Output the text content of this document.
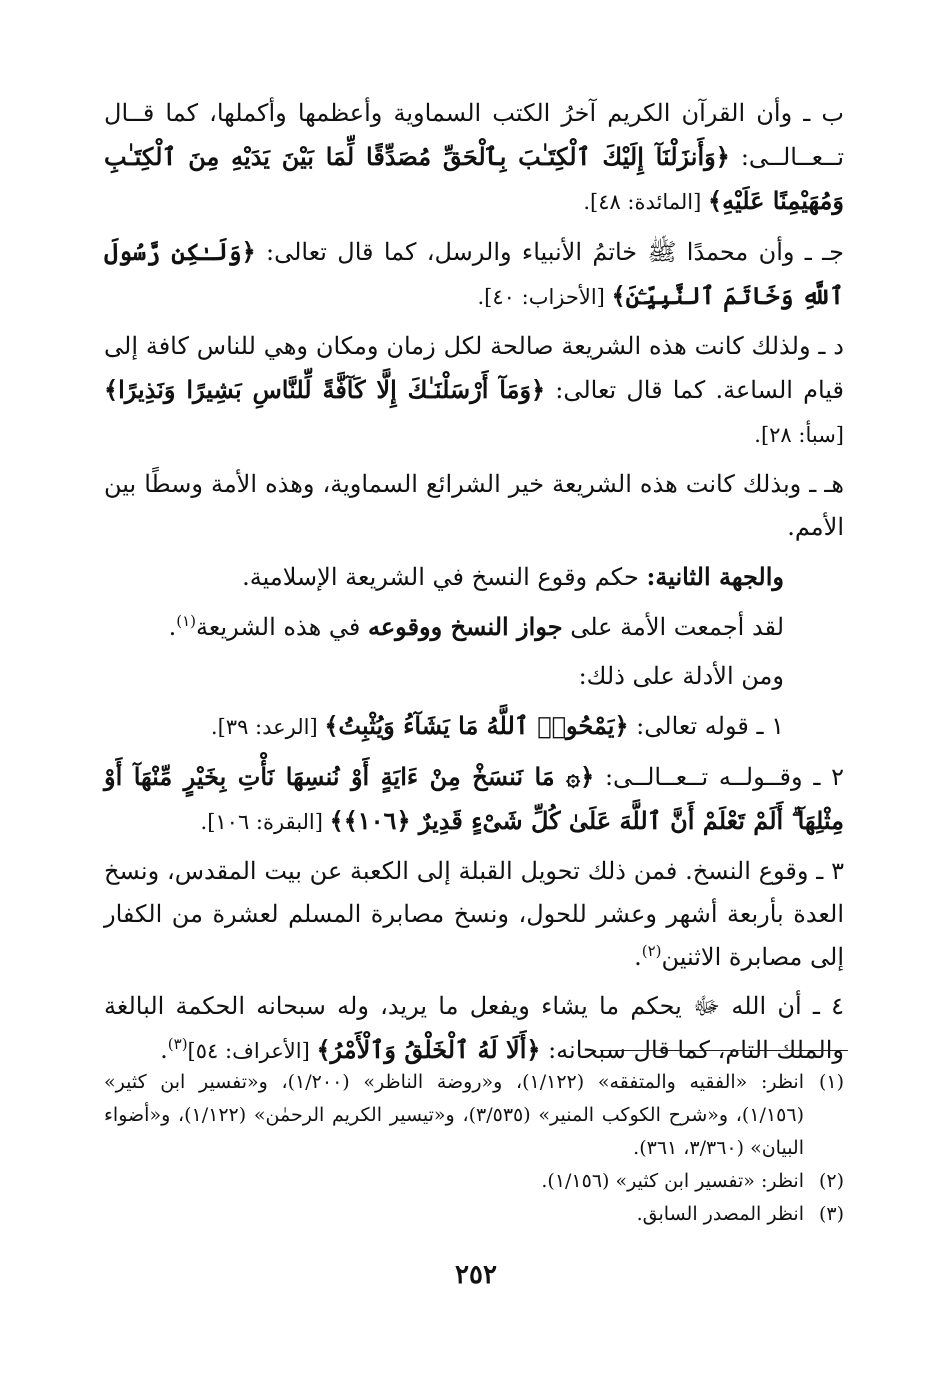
ب ـ وأن القرآن الكريم آخرُ الكتب السماوية وأعظمها وأكملها، كما قــال تــعــالــى: ﴿وَأَنزَلْنَآ إِلَيْكَ ٱلْكِتَـٰبَ بِٱلْحَقِّ مُصَدِّقًا لِّمَا بَيْنَ يَدَيْهِ مِنَ ٱلْكِتَـٰبِ وَمُهَيْمِنًا عَلَيْهِ﴾ [المائدة: ٤٨].

جـ ـ وأن محمدًا ﷺ خاتمُ الأنبياء والرسل، كما قال تعالى: ﴿وَلَـٰكِن رَّسُولَ ٱللَّهِ وَخَاتَمَ ٱلنَّبِيِّـۧنَ﴾ [الأحزاب: ٤٠].

د ـ ولذلك كانت هذه الشريعة صالحة لكل زمان ومكان وهي للناس كافة إلى قيام الساعة. كما قال تعالى: ﴿وَمَآ أَرْسَلْنَـٰكَ إِلَّا كَآفَّةً لِّلنَّاسِ بَشِيرًا وَنَذِيرًا﴾ [سبأ: ٢٨].

هـ ـ وبذلك كانت هذه الشريعة خير الشرائع السماوية، وهذه الأمة وسطًا بين الأمم.

والجهة الثانية: حكم وقوع النسخ في الشريعة الإسلامية.

لقد أجمعت الأمة على جواز النسخ ووقوعه في هذه الشريعة$^{(١)}$.

ومن الأدلة على ذلك:

١ ـ قوله تعالى: ﴿يَمْحُوا۟ ٱللَّهُ مَا يَشَآءُ وَيُثْبِتُ﴾ [الرعد: ٣٩].

٢ ـ وقــولــه تــعــالــى: ﴿۞ مَا نَنسَخْ مِنْ ءَايَةٍ أَوْ نُنسِهَا نَأْتِ بِخَيْرٍ مِّنْهَآ أَوْ مِثْلِهَآ ۗ أَلَمْ تَعْلَمْ أَنَّ ٱللَّهَ عَلَىٰ كُلِّ شَىْءٍ قَدِيرٌ ﴿١٠٦﴾﴾ [البقرة: ١٠٦].

٣ ـ وقوع النسخ. فمن ذلك تحويل القبلة إلى الكعبة عن بيت المقدس، ونسخ العدة بأربعة أشهر وعشر للحول، ونسخ مصابرة المسلم لعشرة من الكفار إلى مصابرة الاثنين$^{(٢)}$.

٤ ـ أن الله ﷻ يحكم ما يشاء ويفعل ما يريد، وله سبحانه الحكمة البالغة والملك التام، كما قال سبحانه: ﴿أَلَا لَهُ ٱلْخَلْقُ وَٱلْأَمْرُ﴾ [الأعراف: ٥٤]$^{(٣)}$.

(١)
انظر: «الفقيه والمتفقه» (١/١٢٢)، و«روضة الناظر» (١/٢٠٠)، و«تفسير ابن كثير» (١/١٥٦)، و«شرح الكوكب المنير» (٣/٥٣٥)، و«تيسير الكريم الرحمٰن» (١/١٢٢)، و«أضواء البيان» (٣/٣٦٠، ٣٦١).

(٢)
انظر: «تفسير ابن كثير» (١/١٥٦).

(٣)
انظر المصدر السابق.

٢٥٢
